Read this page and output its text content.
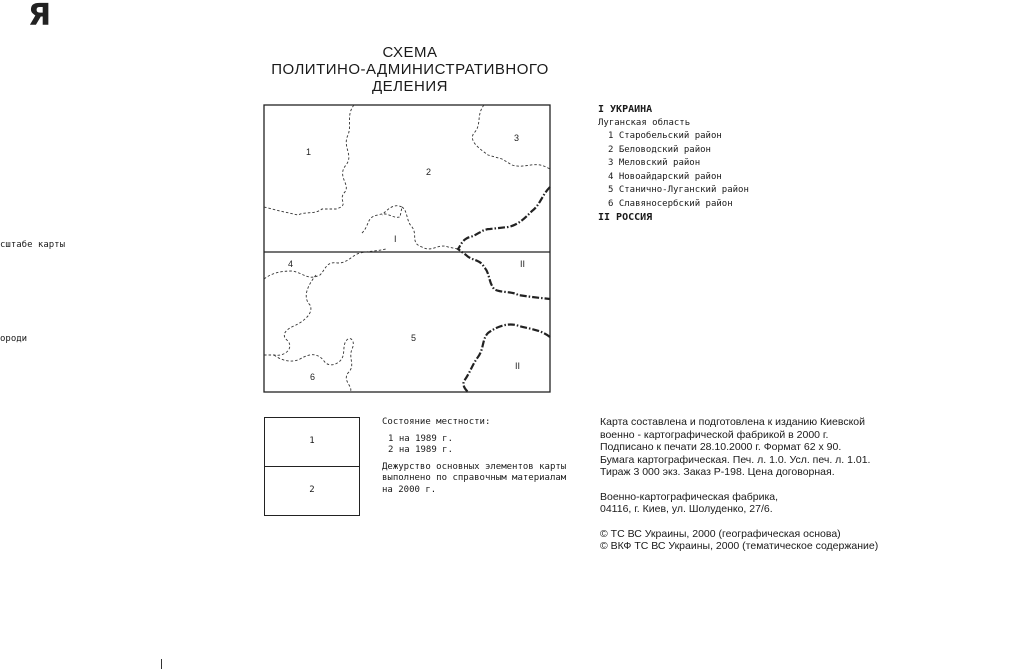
Я
сштабе карты
ороди
СХЕМА
ПОЛИТИНО-АДМИНИСТРАТИВНОГО
ДЕЛЕНИЯ
1
2
3
4
5
6
I
II
II
I УКРАИНА
Луганская область
1 Старобельский район
2 Беловодский район
3 Меловский район
4 Новоайдарский район
5 Станично-Луганский район
6 Славяносербский район
II РОССИЯ
1
2
Состояние местности:
1 на 1989 г.
2 на 1989 г.
Дежурство основных элементов карты
выполнено по справочным материалам
на 2000 г.
Карта составлена и подготовлена к изданию Киевской
военно - картографической фабрикой в 2000 г.
Подписано к печати 28.10.2000 г. Формат 62 х 90.
Бумага картографическая. Печ. л. 1.0. Усл. печ. л. 1.01.
Тираж 3 000 экз. Заказ Р-198. Цена договорная.
Военно-картографическая фабрика,
04116, г. Киев, ул. Шолуденко, 27/6.
© ТС ВС Украины, 2000 (географическая основа)
© ВКФ ТС ВС Украины, 2000 (тематическое содержание)
